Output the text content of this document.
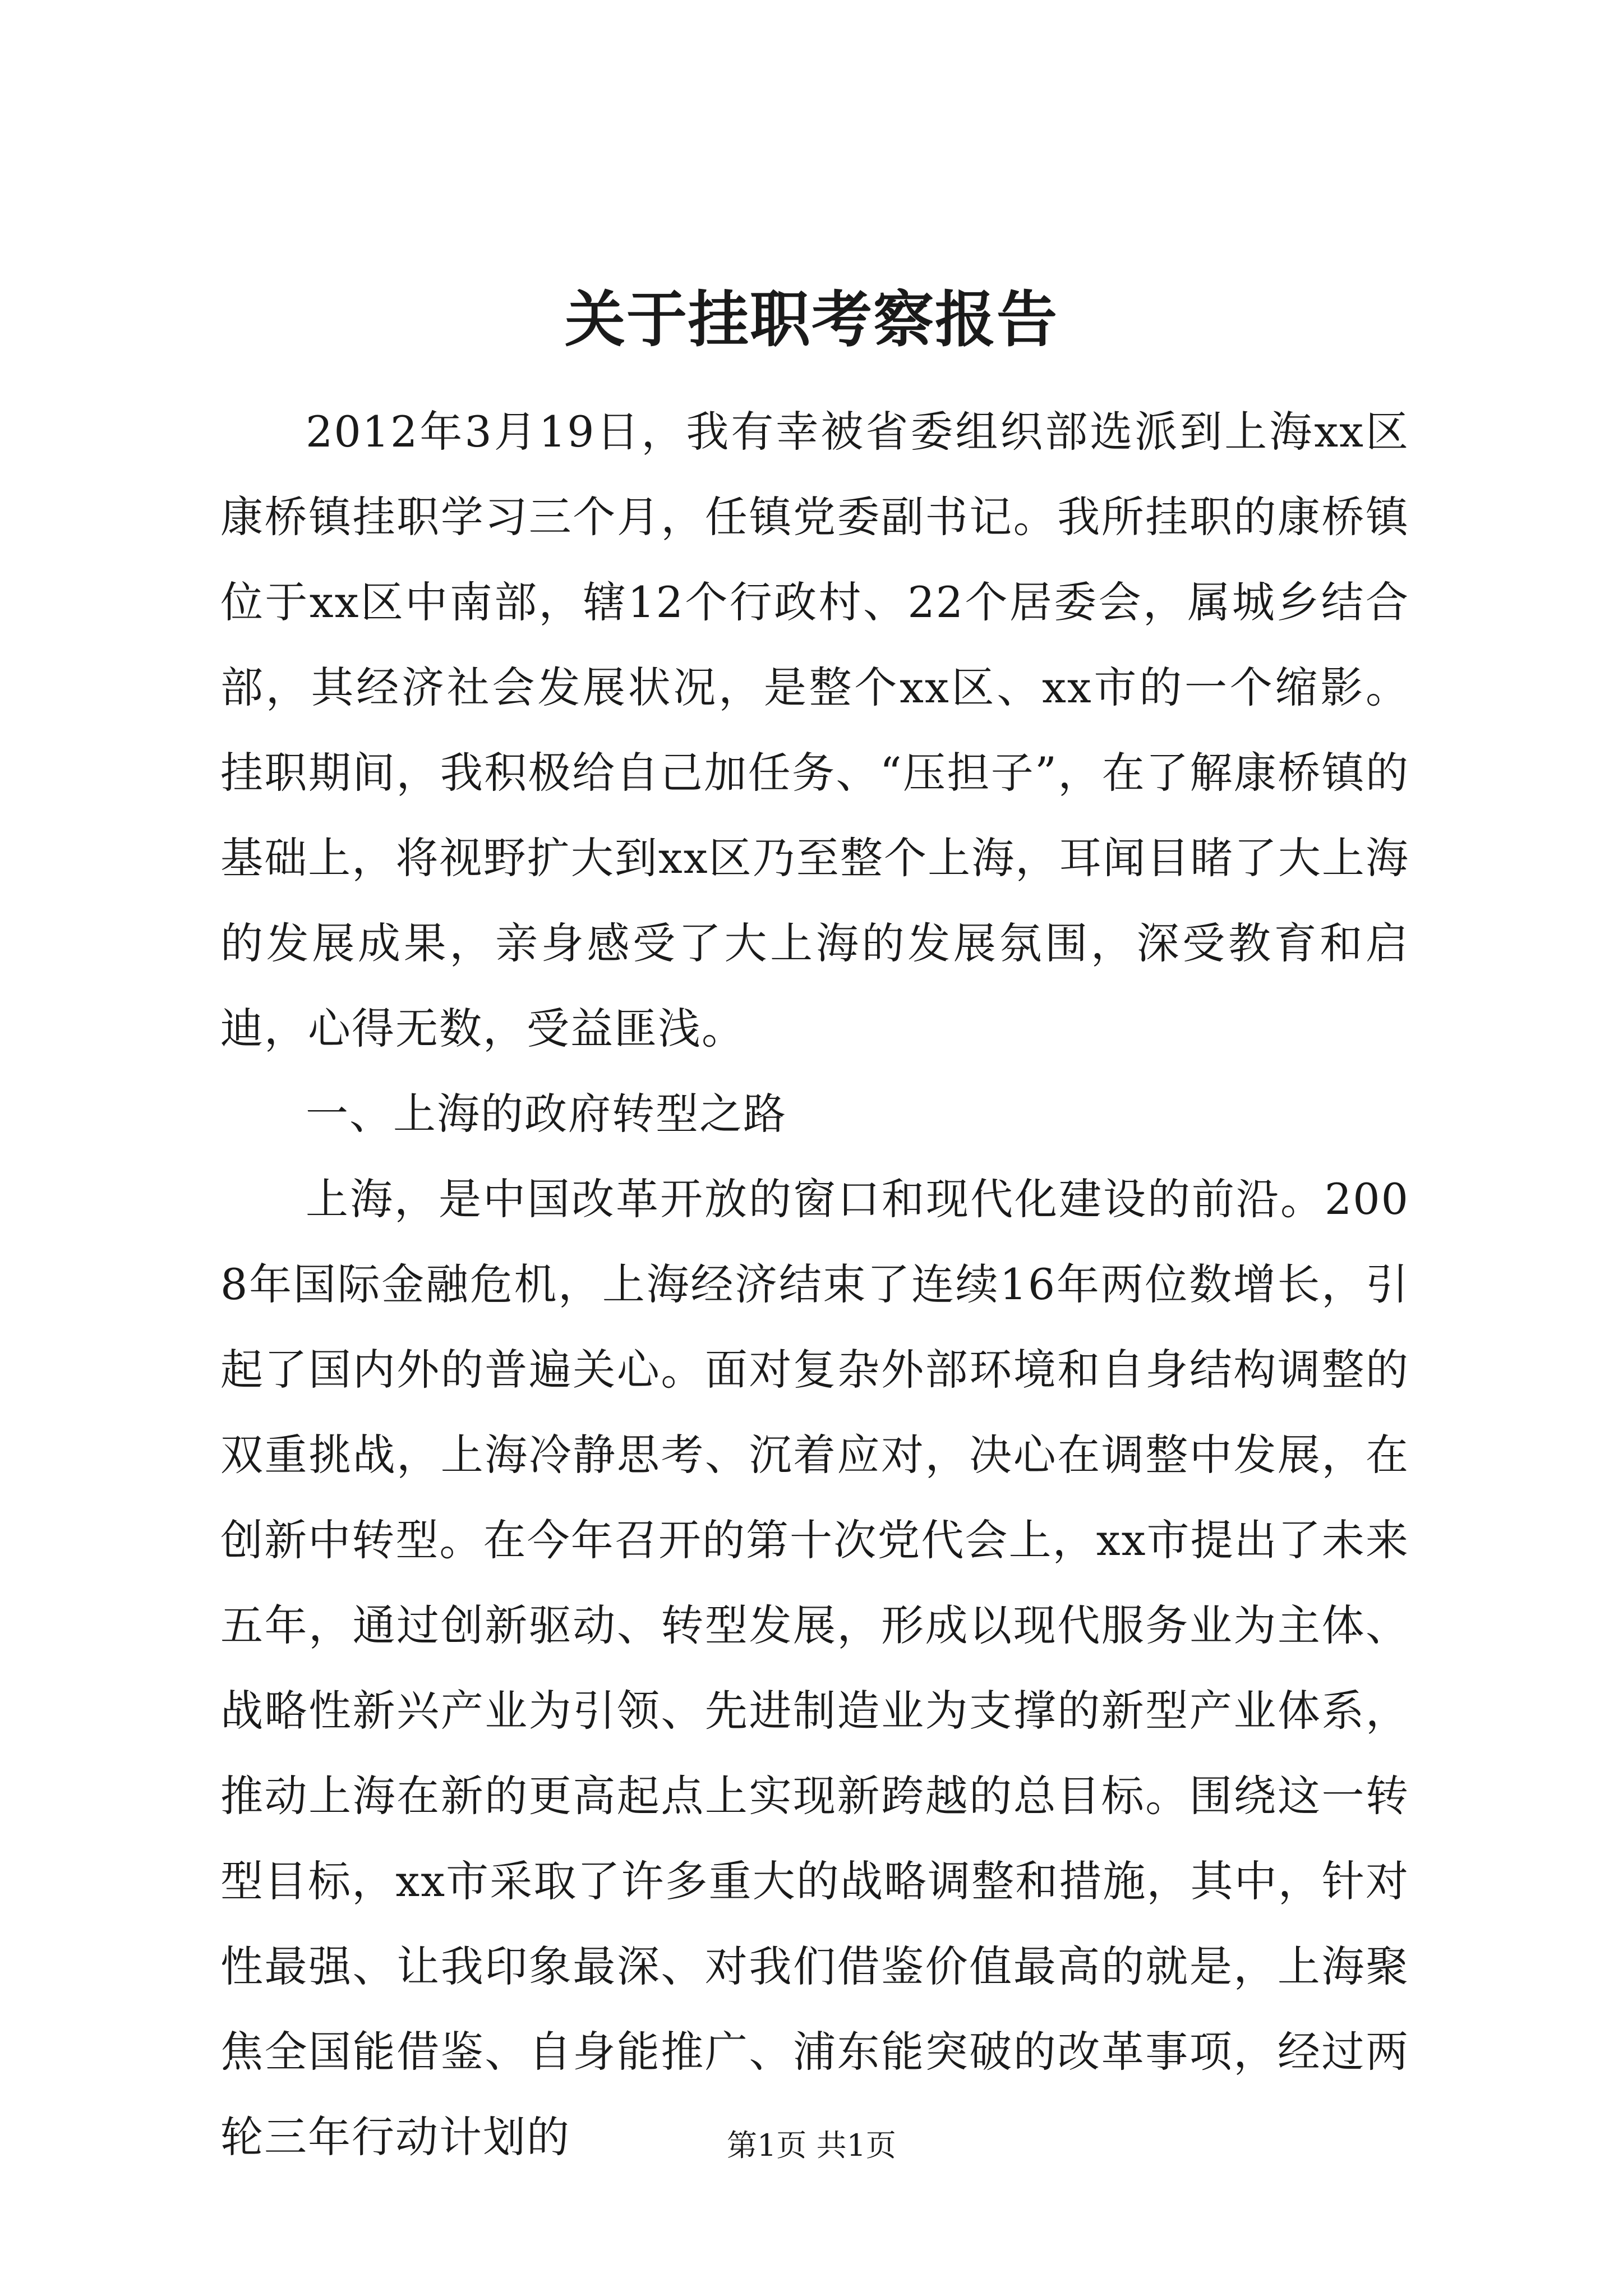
关于挂职考察报告

2012年3月19日，我有幸被省委组织部选派到上海xx区康桥镇挂职学习三个月，任镇党委副书记。我所挂职的康桥镇位于xx区中南部，辖12个行政村、22个居委会，属城乡结合部，其经济社会发展状况，是整个xx区、xx市的一个缩影。挂职期间，我积极给自己加任务、“压担子”，在了解康桥镇的基础上，将视野扩大到xx区乃至整个上海，耳闻目睹了大上海的发展成果，亲身感受了大上海的发展氛围，深受教育和启迪，心得无数，受益匪浅。

一、上海的政府转型之路

上海，是中国改革开放的窗口和现代化建设的前沿。2008年国际金融危机，上海经济结束了连续16年两位数增长，引起了国内外的普遍关心。面对复杂外部环境和自身结构调整的双重挑战，上海冷静思考、沉着应对，决心在调整中发展，在创新中转型。在今年召开的第十次党代会上，xx市提出了未来五年，通过创新驱动、转型发展，形成以现代服务业为主体、战略性新兴产业为引领、先进制造业为支撑的新型产业体系，推动上海在新的更高起点上实现新跨越的总目标。围绕这一转型目标，xx市采取了许多重大的战略调整和措施，其中，针对性最强、让我印象最深、对我们借鉴价值最高的就是，上海聚焦全国能借鉴、自身能推广、浦东能突破的改革事项，经过两轮三年行动计划的	第1页 共1页
